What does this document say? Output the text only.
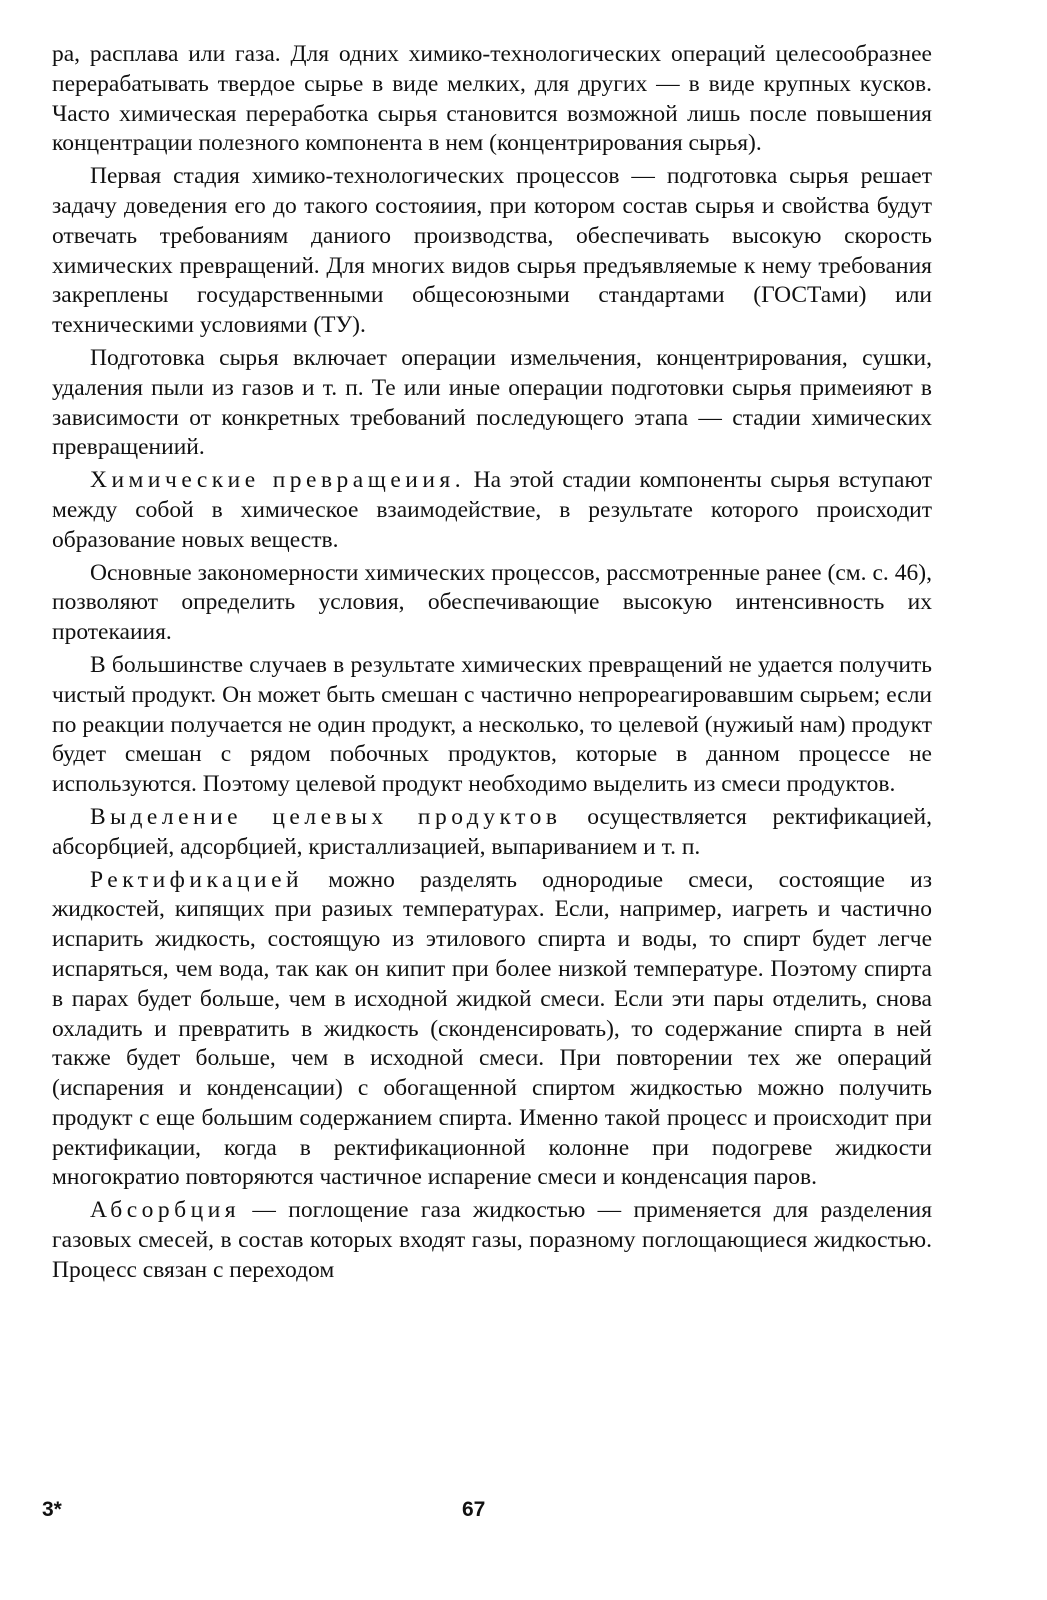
ра, расплава или газа. Для одних химико-технологических операций целесообразнее перерабатывать твердое сырье в виде мелких, для других — в виде крупных кусков. Часто химическая переработка сырья становится возможной лишь после повышения концентрации полезного компонента в нем (концентрирования сырья).

Первая стадия химико-технологических процессов — подготовка сырья решает задачу доведения его до такого состояиия, при котором состав сырья и свойства будут отвечать требованиям даниого производства, обеспечивать высокую скорость химических превращений. Для многих видов сырья предъявляемые к нему требования закреплены государственными общесоюзными стандартами (ГОСТами) или техническими условиями (ТУ).

Подготовка сырья включает операции измельчения, концентрирования, сушки, удаления пыли из газов и т. п. Те или иные операции подготовки сырья примеияют в зависимости от конкретных требований последующего этапа — стадии химических превращениий.

Химические превращеиия. На этой стадии компоненты сырья вступают между собой в химическое взаимодействие, в результате которого происходит образование новых веществ.

Основные закономерности химических процессов, рассмотренные ранее (см. с. 46), позволяют определить условия, обеспечивающие высокую интенсивность их протекаиия.

В большинстве случаев в результате химических превращений не удается получить чистый продукт. Он может быть смешан с частично непрореагировавшим сырьем; если по реакции получается не один продукт, а несколько, то целевой (нужиый нам) продукт будет смешан с рядом побочных продуктов, которые в данном процессе не используются. Поэтому целевой продукт необходимо выделить из смеси продуктов.

Выделение целевых продуктов осуществляется ректификацией, абсорбцией, адсорбцией, кристаллизацией, выпариванием и т. п.

Ректификацией можно разделять однородиые смеси, состоящие из жидкостей, кипящих при разиых температурах. Если, например, иагреть и частично испарить жидкость, состоящую из этилового спирта и воды, то спирт будет легче испаряться, чем вода, так как он кипит при более низкой температуре. Поэтому спирта в парах будет больше, чем в исходной жидкой смеси. Если эти пары отделить, снова охладить и превратить в жидкость (сконденсировать), то содержание спирта в ней также будет больше, чем в исходной смеси. При повторении тех же операций (испарения и конденсации) с обогащенной спиртом жидкостью можно получить продукт с еще большим содержанием спирта. Именно такой процесс и происходит при ректификации, когда в ректификационной колонне при подогреве жидкости многократио повторяются частичное испарение смеси и конденсация паров.

Абсорбция — поглощение газа жидкостью — применяется для разделения газовых смесей, в состав которых входят газы, поразному поглощающиеся жидкостью. Процесс связан с переходом

3*	67
